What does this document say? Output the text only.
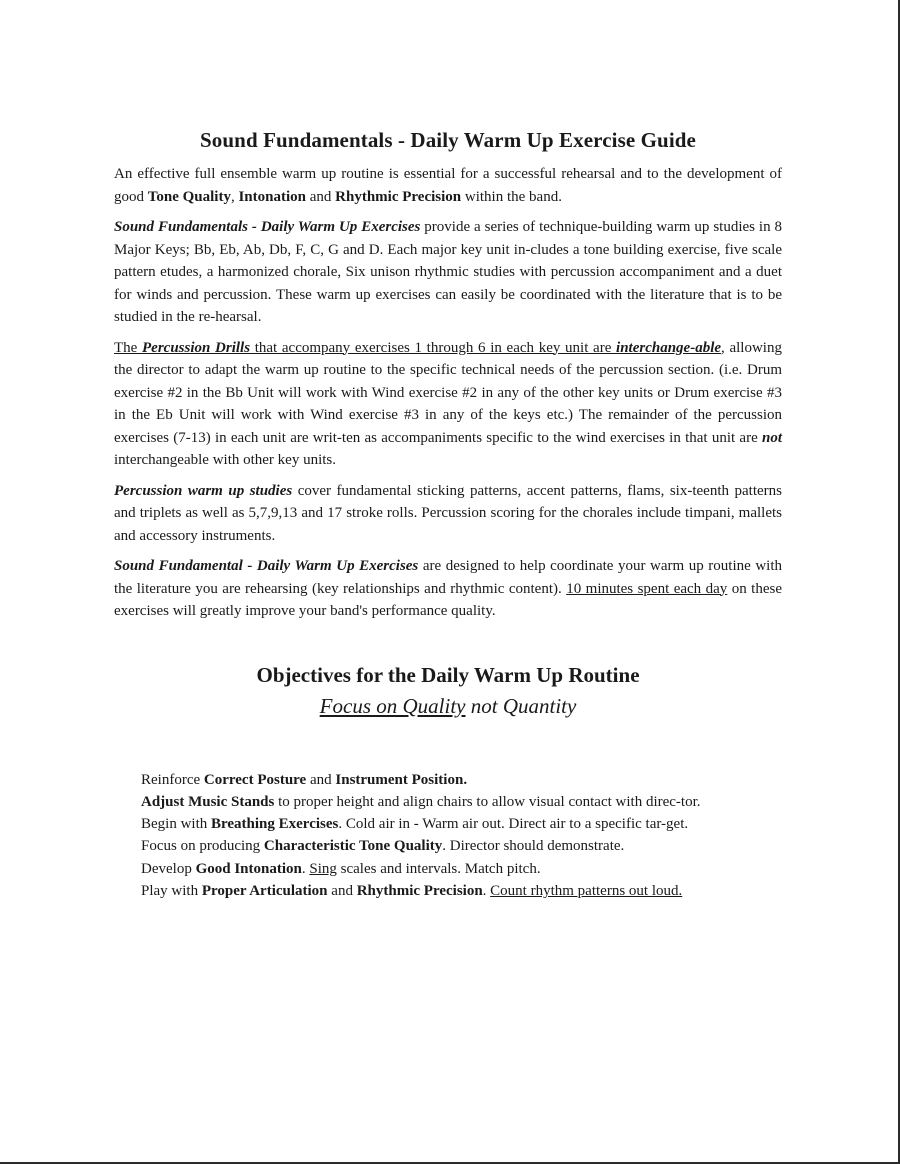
Sound Fundamentals - Daily Warm Up Exercise Guide

An effective full ensemble warm up routine is essential for a successful rehearsal and to the development of good Tone Quality, Intonation and Rhythmic Precision within the band.

Sound Fundamentals - Daily Warm Up Exercises provide a series of technique-building warm up studies in 8 Major Keys; Bb, Eb, Ab, Db, F, C, G and D. Each major key unit in-cludes a tone building exercise, five scale pattern etudes, a harmonized chorale, Six unison rhythmic studies with percussion accompaniment and a duet for winds and percussion. These warm up exercises can easily be coordinated with the literature that is to be studied in the re-hearsal.

The Percussion Drills that accompany exercises 1 through 6 in each key unit are interchange-able, allowing the director to adapt the warm up routine to the specific technical needs of the percussion section. (i.e. Drum exercise #2 in the Bb Unit will work with Wind exercise #2 in any of the other key units or Drum exercise #3 in the Eb Unit will work with Wind exercise #3 in any of the keys etc.) The remainder of the percussion exercises (7-13) in each unit are writ-ten as accompaniments specific to the wind exercises in that unit are not interchangeable with other key units.

Percussion warm up studies cover fundamental sticking patterns, accent patterns, flams, six-teenth patterns and triplets as well as 5,7,9,13 and 17 stroke rolls. Percussion scoring for the chorales include timpani, mallets and accessory instruments.

Sound Fundamental - Daily Warm Up Exercises are designed to help coordinate your warm up routine with the literature you are rehearsing (key relationships and rhythmic content). 10 minutes spent each day on these exercises will greatly improve your band's performance quality.

Objectives for the Daily Warm Up Routine
Focus on Quality not Quantity
Reinforce Correct Posture and Instrument Position.
Adjust Music Stands to proper height and align chairs to allow visual contact with direc-tor.
Begin with Breathing Exercises. Cold air in - Warm air out. Direct air to a specific tar-get.
Focus on producing Characteristic Tone Quality. Director should demonstrate.
Develop Good Intonation. Sing scales and intervals. Match pitch.
Play with Proper Articulation and Rhythmic Precision. Count rhythm patterns out loud.
